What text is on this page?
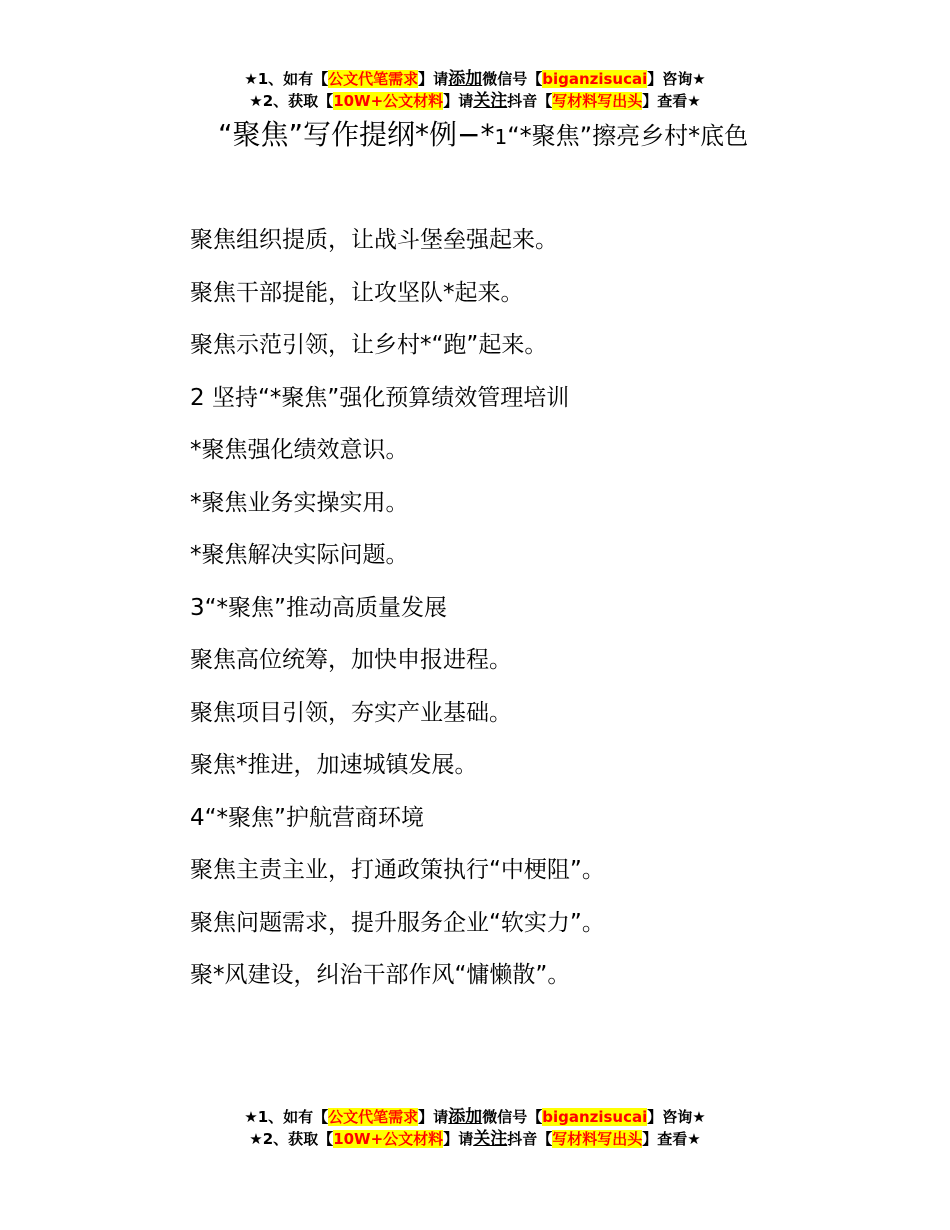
★1、如有【公文代笔需求】请添加微信号【biganzisucai】咨询★
★2、获取【10W+公文材料】请关注抖音【写材料写出头】查看★
“聚焦”写作提纲*例−*1“*聚焦”擦亮乡村*底色

聚焦组织提质，让战斗堡垒强起来。

聚焦干部提能，让攻坚队*起来。

聚焦示范引领，让乡村*“跑”起来。

2 坚持“*聚焦”强化预算绩效管理培训

*聚焦强化绩效意识。

*聚焦业务实操实用。

*聚焦解决实际问题。

3“*聚焦”推动高质量发展

聚焦高位统筹，加快申报进程。

聚焦项目引领，夯实产业基础。

聚焦*推进，加速城镇发展。

4“*聚焦”护航营商环境

聚焦主责主业，打通政策执行“中梗阻”。

聚焦问题需求，提升服务企业“软实力”。

聚*风建设，纠治干部作风“慵懒散”。

★1、如有【公文代笔需求】请添加微信号【biganzisucai】咨询★
★2、获取【10W+公文材料】请关注抖音【写材料写出头】查看★
